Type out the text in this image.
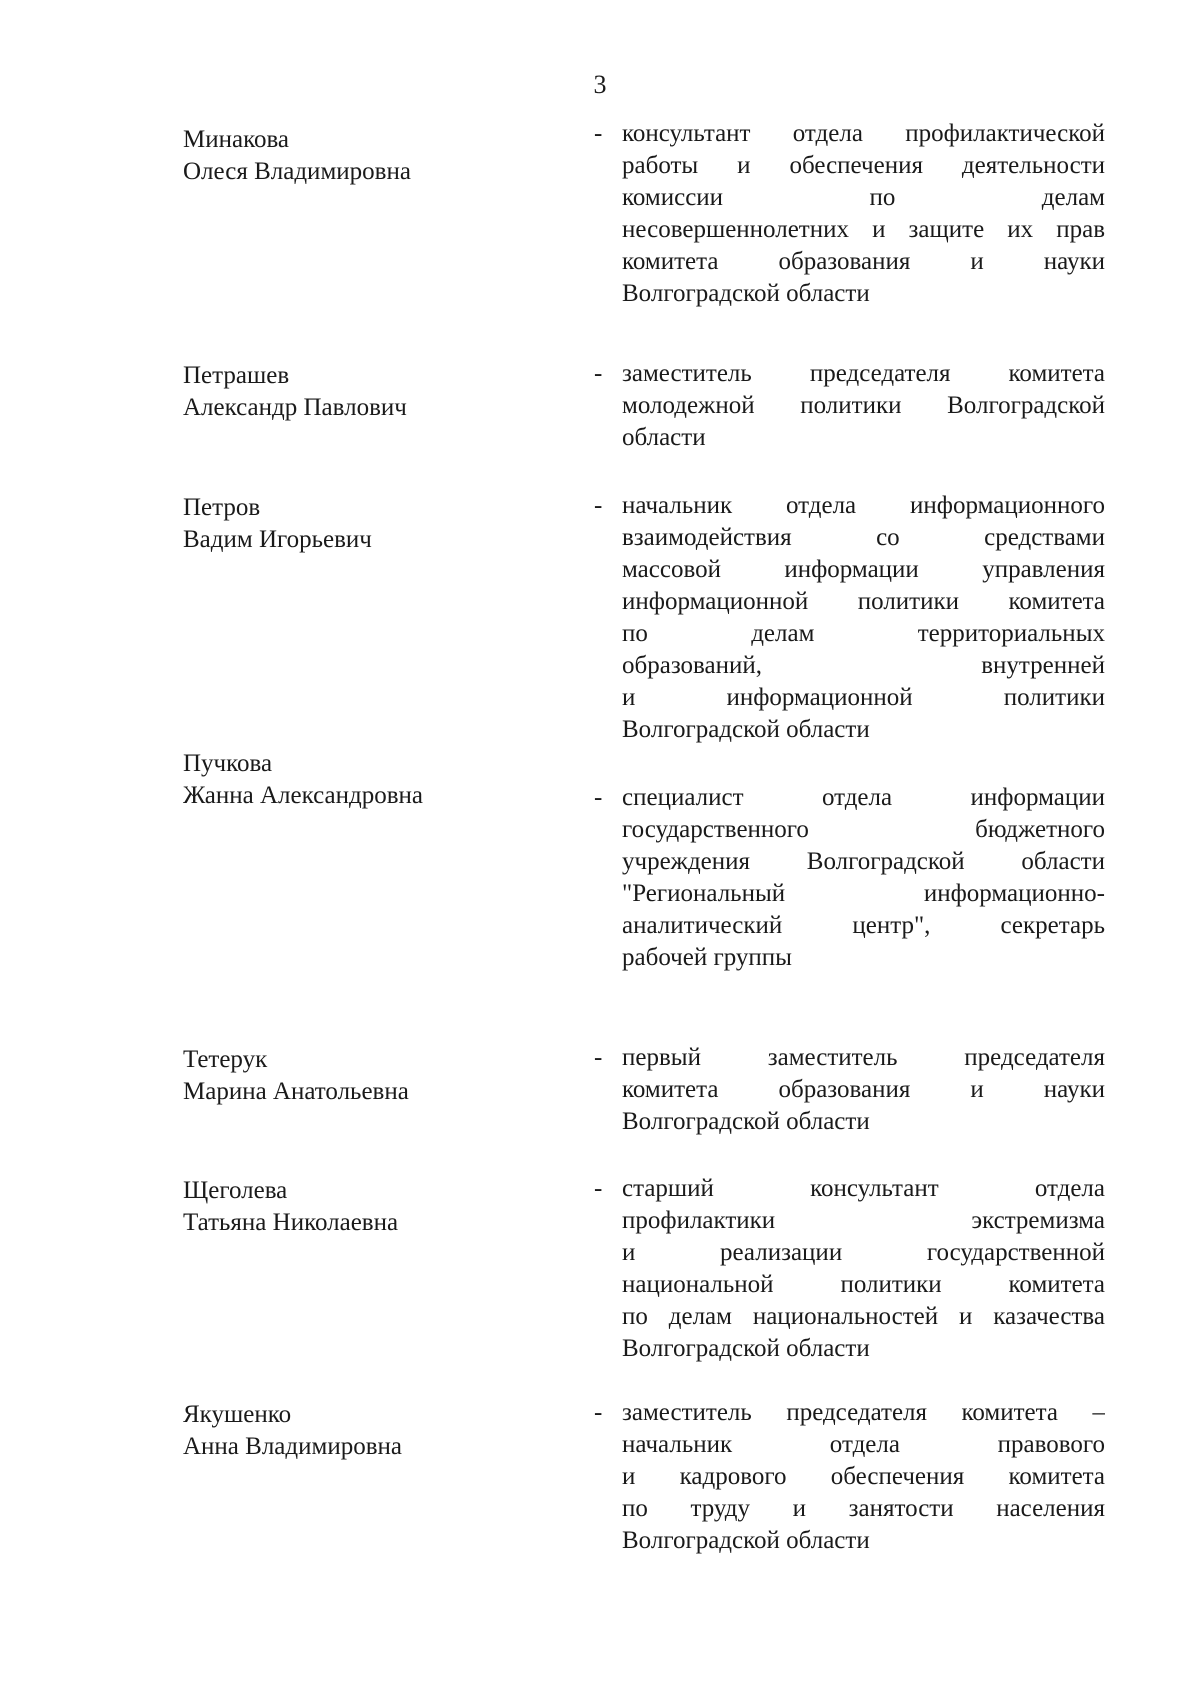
3
Минакова
Олеся Владимировна
- консультант отдела профилактической
работы и обеспечения деятельности
комиссии по делам
несовершеннолетних и защите их прав
комитета образования и науки
Волгоградской области
Петрашев
Александр Павлович
- заместитель председателя комитета
молодежной политики Волгоградской
области
Петров
Вадим Игорьевич
- начальник отдела информационного
взаимодействия со средствами
массовой информации управления
информационной политики комитета
по делам территориальных
образований, внутренней
и информационной политики
Волгоградской области
Пучкова
Жанна Александровна	- специалист отдела информации
государственного бюджетного
учреждения Волгоградской области
"Региональный информационно-
аналитический центр", секретарь
рабочей группы
Тетерук
Марина Анатольевна
- первый заместитель председателя
комитета образования и науки
Волгоградской области
Щеголева
Татьяна Николаевна
- старший консультант отдела
профилактики экстремизма
и реализации государственной
национальной политики комитета
по делам национальностей и казачества
Волгоградской области
Якушенко
Анна Владимировна
- заместитель председателя комитета –
начальник отдела правового
и кадрового обеспечения комитета
по труду и занятости населения
Волгоградской области
